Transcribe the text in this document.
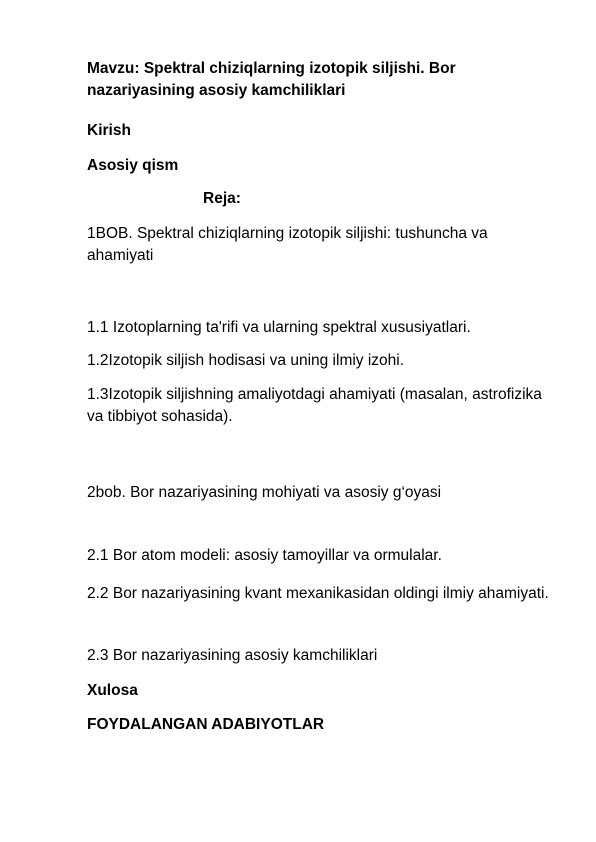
Mavzu: Spektral chiziqlarning izotopik siljishi. Bor nazariyasining asosiy kamchiliklari

Kirish

Asosiy qism

Reja:

1BOB. Spektral chiziqlarning izotopik siljishi: tushuncha va ahamiyati

1.1 Izotoplarning ta'rifi va ularning spektral xususiyatlari.

1.2Izotopik siljish hodisasi va uning ilmiy izohi.

1.3Izotopik siljishning amaliyotdagi ahamiyati (masalan, astrofizika va tibbiyot sohasida).

2bob. Bor nazariyasining mohiyati va asosiy g‘oyasi

2.1 Bor atom modeli: asosiy tamoyillar va ormulalar.

2.2 Bor nazariyasining kvant mexanikasidan oldingi ilmiy ahamiyati.

2.3 Bor nazariyasining asosiy kamchiliklari

Xulosa

FOYDALANGAN ADABIYOTLAR
